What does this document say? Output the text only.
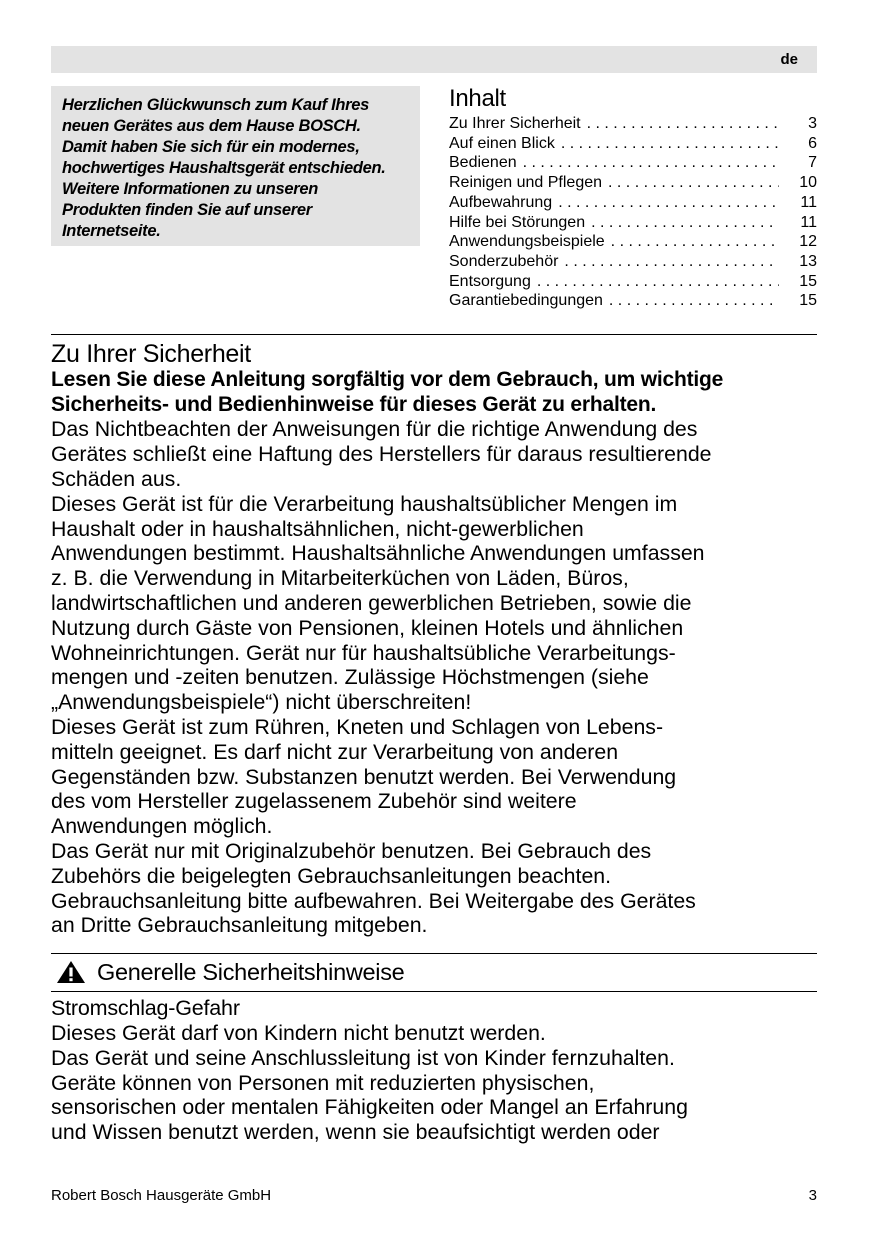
de
Herzlichen Glückwunsch zum Kauf Ihres
neuen Gerätes aus dem Hause BOSCH.
Damit haben Sie sich für ein modernes,
hochwertiges Haushaltsgerät entschieden.
Weitere Informationen zu unseren
Produkten finden Sie auf unserer
Internetseite.
Inhalt
Zu Ihrer Sicherheit . . .	3
Auf einen Blick . . .	6
Bedienen . . .	7
Reinigen und Pflegen . . .	10
Aufbewahrung . . .	11
Hilfe bei Störungen . . .	11
Anwendungsbeispiele . . .	12
Sonderzubehör . . .	13
Entsorgung . . .	15
Garantiebedingungen . . .	15
Zu Ihrer Sicherheit
Lesen Sie diese Anleitung sorgfältig vor dem Gebrauch, um wichtige
Sicherheits- und Bedienhinweise für dieses Gerät zu erhalten.
Das Nichtbeachten der Anweisungen für die richtige Anwendung des
Gerätes schließt eine Haftung des Herstellers für daraus resultierende
Schäden aus.
Dieses Gerät ist für die Verarbeitung haushaltsüblicher Mengen im
Haushalt oder in haushaltsähnlichen, nicht-gewerblichen
Anwendungen bestimmt. Haushaltsähnliche Anwendungen umfassen
z. B. die Verwendung in Mitarbeiterküchen von Läden, Büros,
landwirtschaftlichen und anderen gewerblichen Betrieben, sowie die
Nutzung durch Gäste von Pensionen, kleinen Hotels und ähnlichen
Wohneinrichtungen. Gerät nur für haushaltsübliche Verarbeitungs-
mengen und -zeiten benutzen. Zulässige Höchstmengen (siehe
„Anwendungsbeispiele“) nicht überschreiten!
Dieses Gerät ist zum Rühren, Kneten und Schlagen von Lebens-
mitteln geeignet. Es darf nicht zur Verarbeitung von anderen
Gegenständen bzw. Substanzen benutzt werden. Bei Verwendung
des vom Hersteller zugelassenem Zubehör sind weitere
Anwendungen möglich.
Das Gerät nur mit Originalzubehör benutzen. Bei Gebrauch des
Zubehörs die beigelegten Gebrauchsanleitungen beachten.
Gebrauchsanleitung bitte aufbewahren. Bei Weitergabe des Gerätes
an Dritte Gebrauchsanleitung mitgeben.
Generelle Sicherheitshinweise
Stromschlag-Gefahr
Dieses Gerät darf von Kindern nicht benutzt werden.
Das Gerät und seine Anschlussleitung ist von Kinder fernzuhalten.
Geräte können von Personen mit reduzierten physischen,
sensorischen oder mentalen Fähigkeiten oder Mangel an Erfahrung
und Wissen benutzt werden, wenn sie beaufsichtigt werden oder
Robert Bosch Hausgeräte GmbH	3
